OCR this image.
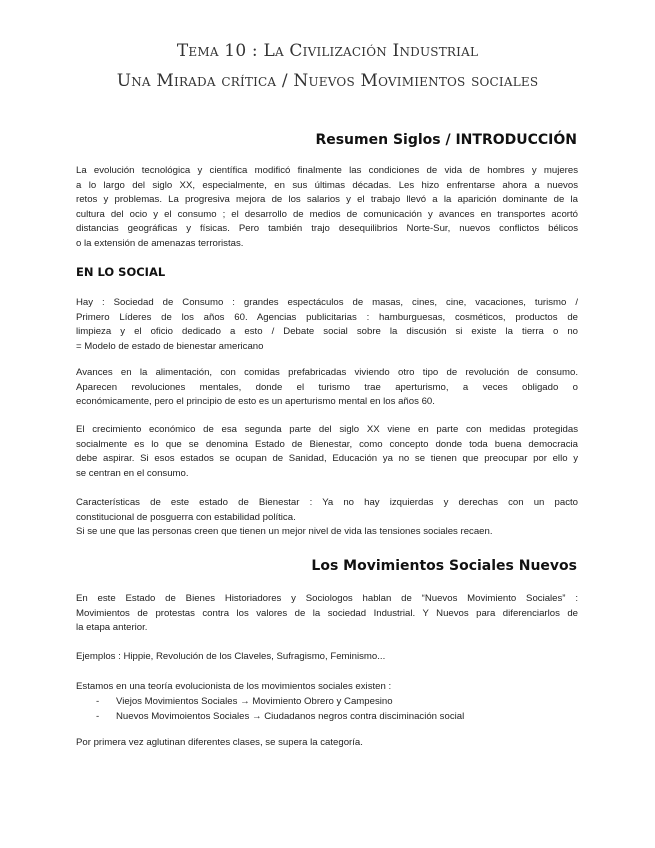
Tema 10 : La Civilización Industrial
Una Mirada crítica / Nuevos Movimientos sociales
Resumen Siglos / INTRODUCCIÓN
La evolución tecnológica y científica modificó finalmente las condiciones de vida de hombres y mujeres
a lo largo del siglo XX, especialmente, en sus últimas décadas. Les hizo enfrentarse ahora a nuevos
retos y problemas. La progresiva mejora de los salarios y el trabajo llevó a la aparición dominante de la
cultura del ocio y el consumo ; el desarrollo de medios de comunicación y avances en transportes acortó
distancias geográficas y físicas. Pero también trajo desequilibrios Norte-Sur, nuevos conflictos bélicos
o la extensión de amenazas terroristas.
EN LO SOCIAL
Hay : Sociedad de Consumo : grandes espectáculos de masas, cines, cine, vacaciones, turismo /
Primero Líderes de los años 60. Agencias publicitarias : hamburguesas, cosméticos, productos de
limpieza y el oficio dedicado a esto / Debate social sobre la discusión si existe la tierra o no
= Modelo de estado de bienestar americano
Avances en la alimentación, con comidas prefabricadas viviendo otro tipo de revolución de consumo.
Aparecen revoluciones mentales, donde el turismo trae aperturismo, a veces obligado o
económicamente, pero el principio de esto es un aperturismo mental en los años 60.
El crecimiento económico de esa segunda parte del siglo XX viene en parte con medidas protegidas
socialmente es lo que se denomina Estado de Bienestar, como concepto donde toda buena democracia
debe aspirar. Si esos estados se ocupan de Sanidad, Educación ya no se tienen que preocupar por ello y
se centran en el consumo.
Características de este estado de Bienestar : Ya no hay izquierdas y derechas con un pacto
constitucional de posguerra con estabilidad política.
Si se une que las personas creen que tienen un mejor nivel de vida las tensiones sociales recaen.
Los Movimientos Sociales Nuevos
En este Estado de Bienes Historiadores y Sociologos hablan de “Nuevos Movimiento Sociales” :
Movimientos de protestas contra los valores de la sociedad Industrial. Y Nuevos para diferenciarlos de
la etapa anterior.
Ejemplos : Hippie, Revolución de los Claveles, Sufragismo, Feminismo...
Estamos en una teoría evolucionista de los movimientos sociales existen :
-	Viejos Movimientos Sociales → Movimiento Obrero y Campesino
-	Nuevos Movimoientos Sociales → Ciudadanos negros contra disciminación social
Por primera vez aglutinan diferentes clases, se supera la categoría.
